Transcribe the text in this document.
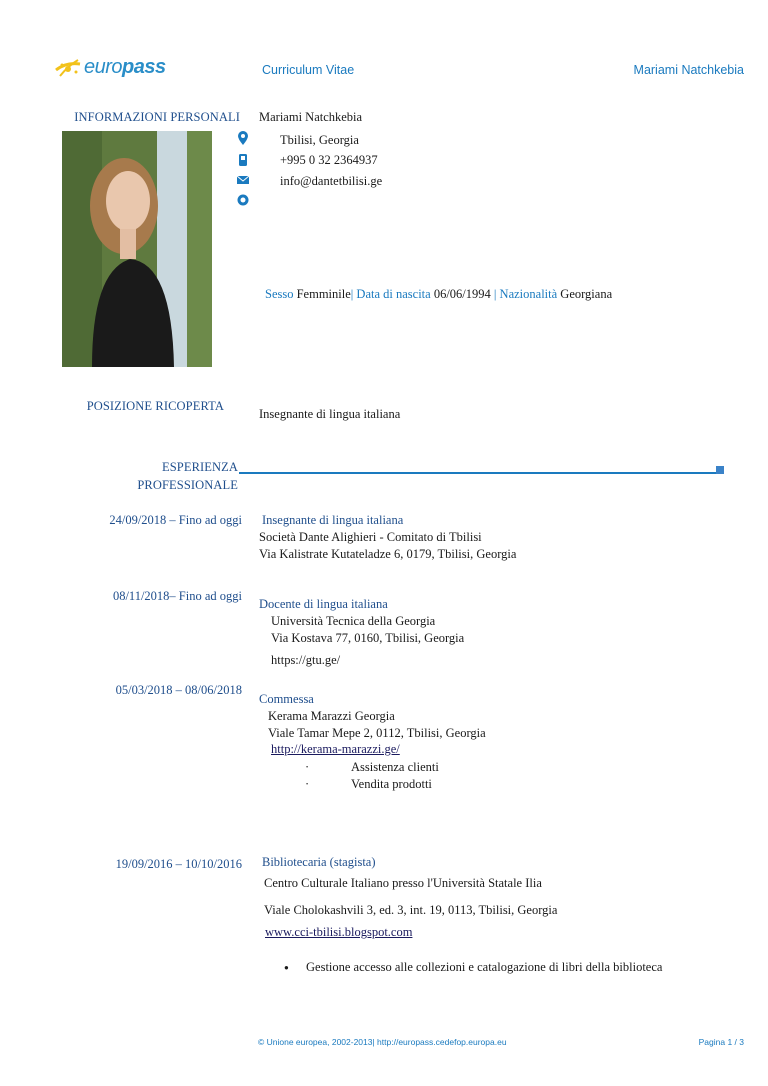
europass	Curriculum Vitae	Mariami Natchkebia
INFORMAZIONI PERSONALI Mariami Natchkebia
Tbilisi, Georgia
+995 0 32 2364937
info@dantetbilisi.ge
Sesso Femminile| Data di nascita 06/06/1994 | Nazionalità Georgiana
POSIZIONE RICOPERTA
Insegnante di lingua italiana
ESPERIENZA
PROFESSIONALE
24/09/2018 – Fino ad oggi Insegnante di lingua italiana
Società Dante Alighieri - Comitato di Tbilisi
Via Kalistrate Kutateladze 6, 0179, Tbilisi, Georgia
08/11/2018– Fino ad oggi
Docente di lingua italiana
Università Tecnica della Georgia
Via Kostava 77, 0160, Tbilisi, Georgia
https://gtu.ge/
05/03/2018 – 08/06/2018
Commessa
Kerama Marazzi Georgia
Viale Tamar Mepe 2, 0112, Tbilisi, Georgia
http://kerama-marazzi.ge/
· Assistenza clienti
· Vendita prodotti
19/09/2016 – 10/10/2016 Bibliotecaria (stagista)
Centro Culturale Italiano presso l'Università Statale Ilia
Viale Cholokashvili 3, ed. 3, int. 19, 0113, Tbilisi, Georgia
www.cci-tbilisi.blogspot.com
● Gestione accesso alle collezioni e catalogazione di libri della biblioteca
© Unione europea, 2002-2013| http://europass.cedefop.europa.eu	Pagina 1 / 3
